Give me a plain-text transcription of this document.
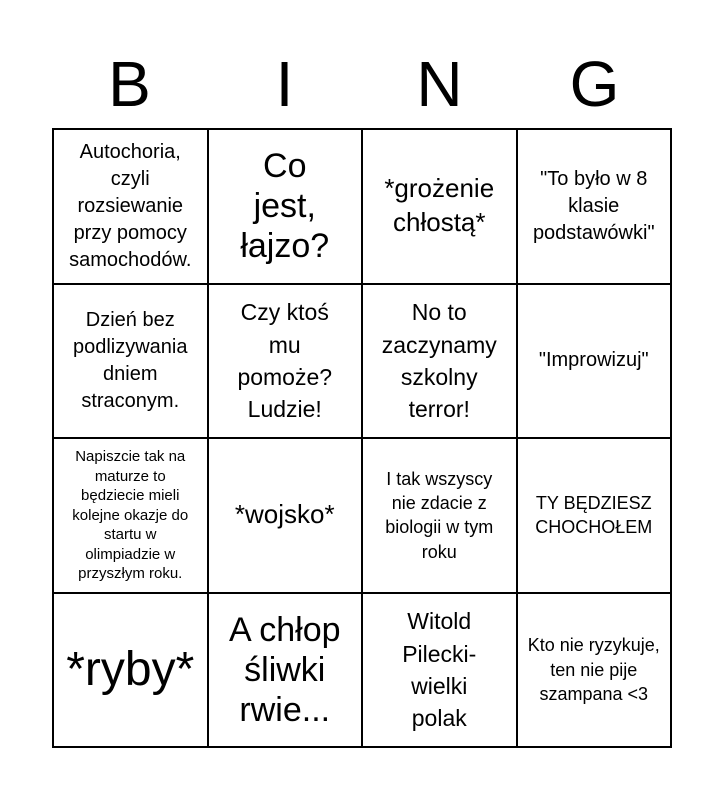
B	I	N	G
Autochoria, czyli rozsiewanie przy pomocy samochodów.
Co jest, łajzo?
*grożenie chłostą*
"To było w 8 klasie podstawówki"
Dzień bez podlizywania dniem straconym.
Czy ktoś mu pomoże? Ludzie!
No to zaczynamy szkolny terror!
"Improwizuj"
Napiszcie tak na maturze to będziecie mieli kolejne okazje do startu w olimpiadzie w przyszłym roku.
*wojsko*
I tak wszyscy nie zdacie z biologii w tym roku
TY BĘDZIESZ CHOCHOŁEM
*ryby*
A chłop śliwki rwie...
Witold Pilecki- wielki polak
Kto nie ryzykuje, ten nie pije szampana <3
